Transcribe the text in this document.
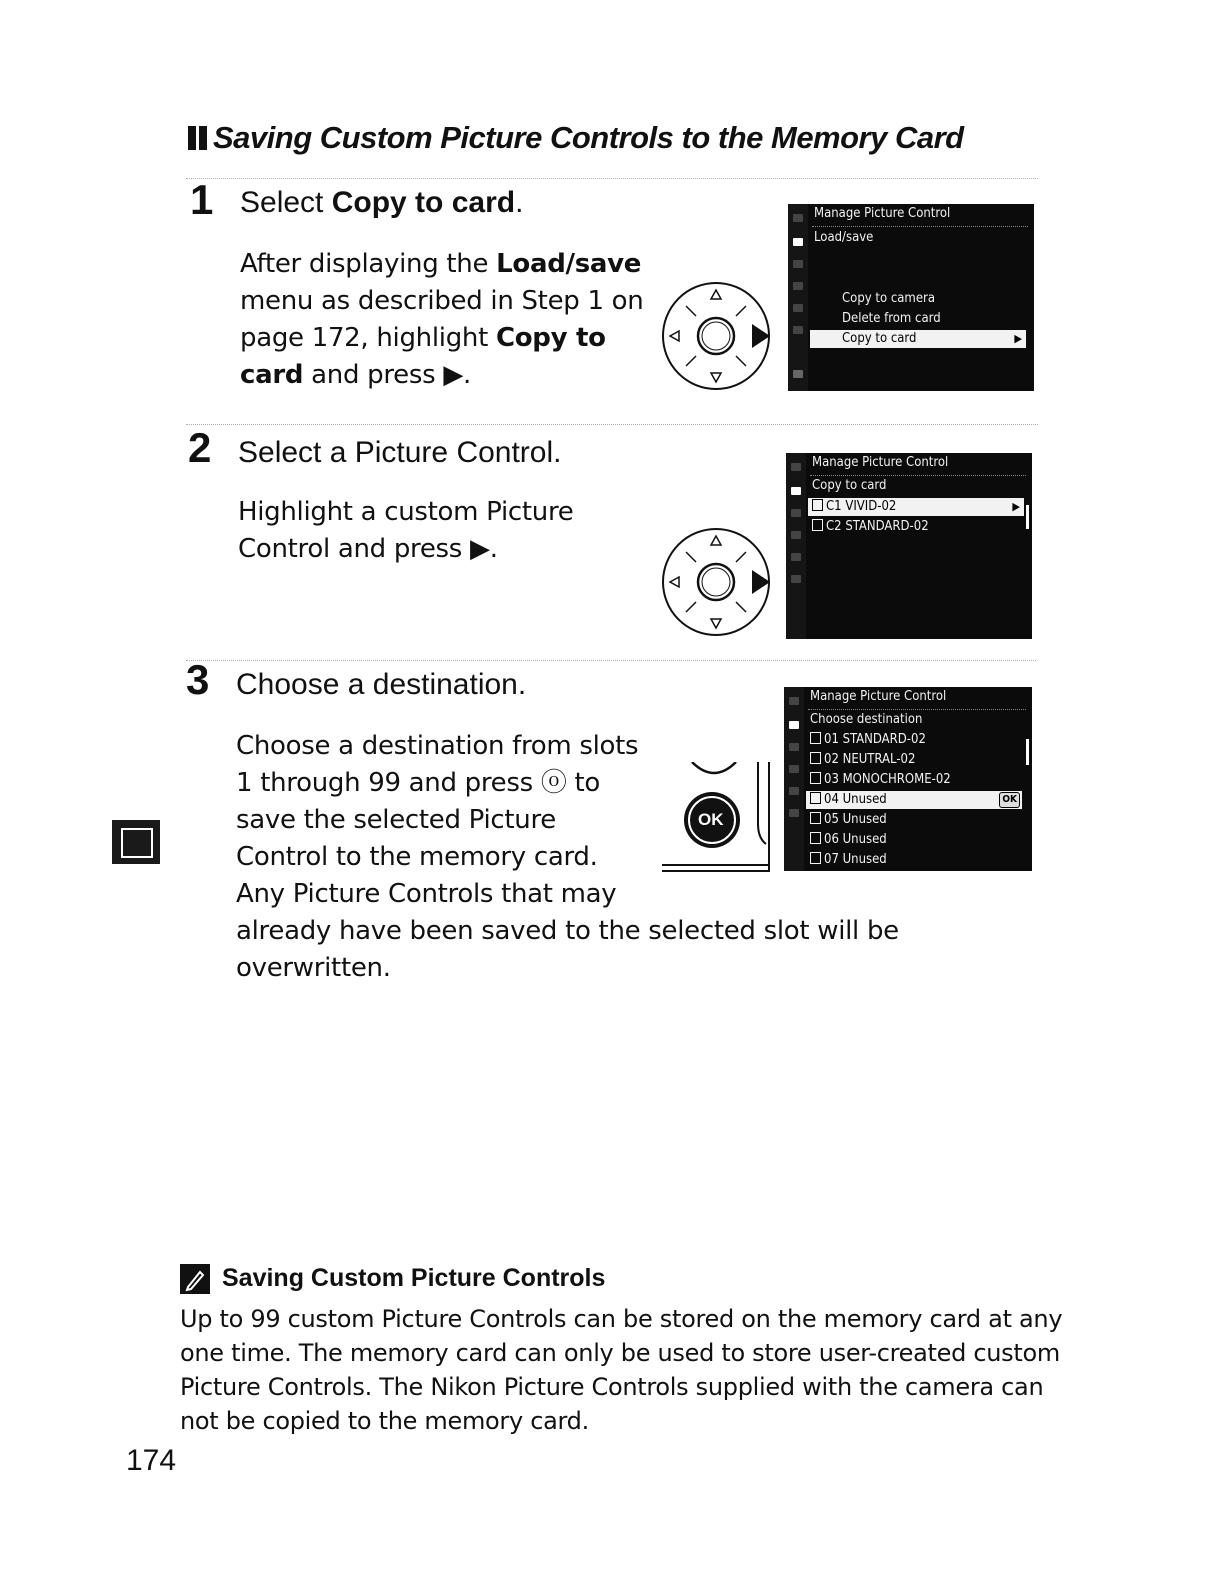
Saving Custom Picture Controls to the Memory Card
1 Select Copy to card.
After displaying the Load/save menu as described in Step 1 on page 172, highlight Copy to card and press ▶.
Manage Picture Control
Load/save
Copy to camera
Delete from card
Copy to card	▶
2 Select a Picture Control.
Highlight a custom Picture Control and press ▶.
Manage Picture Control
Copy to card
C1 VIVID-02	▶
C2 STANDARD-02
3 Choose a destination.
Choose a destination from slots
1 through 99 and press ⓞ to
save the selected Picture
Control to the memory card.
Any Picture Controls that may
already have been saved to the selected slot will be
overwritten.
OK
Manage Picture Control
Choose destination
01 STANDARD-02
02 NEUTRAL-02
03 MONOCHROME-02
04 Unused	OK
05 Unused
06 Unused
07 Unused
Saving Custom Picture Controls
Up to 99 custom Picture Controls can be stored on the memory card at any one time. The memory card can only be used to store user-created custom Picture Controls. The Nikon Picture Controls supplied with the camera can not be copied to the memory card.
174
